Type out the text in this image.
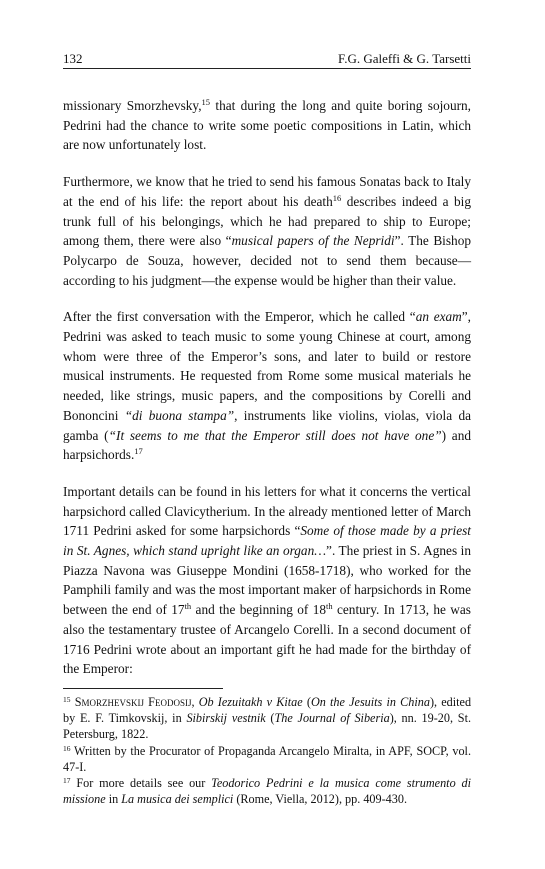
132	F.G. Galeffi & G. Tarsetti

missionary Smorzhevsky,$^{15}$ that during the long and quite boring sojourn, Pedrini had the chance to write some poetic compositions in Latin, which are now unfortunately lost.

Furthermore, we know that he tried to send his famous Sonatas back to Italy at the end of his life: the report about his death$^{16}$ describes indeed a big trunk full of his belongings, which he had prepared to ship to Europe; among them, there were also “musical papers of the Nepridi”. The Bishop Polycarpo de Souza, however, decided not to send them because—according to his judgment—the expense would be higher than their value.

After the first conversation with the Emperor, which he called “an exam”, Pedrini was asked to teach music to some young Chinese at court, among whom were three of the Emperor’s sons, and later to build or restore musical instruments. He requested from Rome some musical materials he needed, like strings, music papers, and the compositions by Corelli and Bononcini “di buona stampa”, instruments like violins, violas, viola da gamba (“It seems to me that the Emperor still does not have one”) and harpsichords.$^{17}$

Important details can be found in his letters for what it concerns the vertical harpsichord called Clavicytherium. In the already mentioned letter of March 1711 Pedrini asked for some harpsichords “Some of those made by a priest in St. Agnes, which stand upright like an organ…”. The priest in S. Agnes in Piazza Navona was Giuseppe Mondini (1658-1718), who worked for the Pamphili family and was the most important maker of harpsichords in Rome between the end of 17th and the beginning of 18th century. In 1713, he was also the testamentary trustee of Arcangelo Corelli. In a second document of 1716 Pedrini wrote about an important gift he had made for the birthday of the Emperor:

$^{15}$ Smorzhevskij Feodosij, Ob Iezuitakh v Kitae (On the Jesuits in China), edited by E. F. Timkovskij, in Sibirskij vestnik (The Journal of Siberia), nn. 19-20, St. Petersburg, 1822.

$^{16}$ Written by the Procurator of Propaganda Arcangelo Miralta, in APF, SOCP, vol. 47-I.

$^{17}$ For more details see our Teodorico Pedrini e la musica come strumento di missione in La musica dei semplici (Rome, Viella, 2012), pp. 409-430.
